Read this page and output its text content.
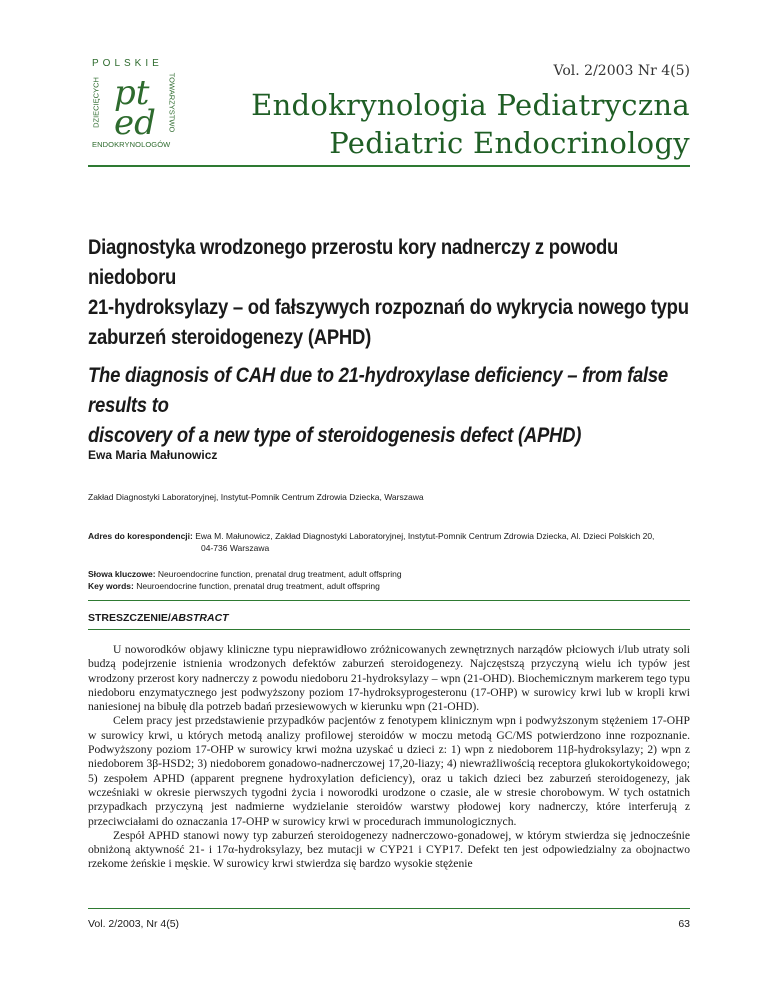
pt
ed
POLSKIE
DZIECIĘCYCH	TOWARZYSTWO
ENDOKRYNOLOGÓW
Vol. 2/2003 Nr 4(5)
Endokrynologia Pediatryczna
Pediatric Endocrinology
Diagnostyka wrodzonego przerostu kory nadnerczy z powodu niedoboru
21-hydroksylazy – od fałszywych rozpoznań do wykrycia nowego typu
zaburzeń steroidogenezy (APHD)
The diagnosis of CAH due to 21-hydroxylase deficiency – from false results to
discovery of a new type of steroidogenesis defect (APHD)
Ewa Maria Małunowicz
Zakład Diagnostyki Laboratoryjnej, Instytut-Pomnik Centrum Zdrowia Dziecka, Warszawa
Adres do korespondencji: Ewa M. Małunowicz, Zakład Diagnostyki Laboratoryjnej, Instytut-Pomnik Centrum Zdrowia Dziecka, Al. Dzieci Polskich 20,
04-736 Warszawa
Słowa kluczowe: Neuroendocrine function, prenatal drug treatment, adult offspring
Key words: Neuroendocrine function, prenatal drug treatment, adult offspring
STRESZCZENIE/ABSTRACT

U noworodków objawy kliniczne typu nieprawidłowo zróżnicowanych zewnętrznych narządów płciowych i/lub utraty soli budzą podejrzenie istnienia wrodzonych defektów zaburzeń steroidogenezy. Najczęstszą przyczyną wielu ich typów jest wrodzony przerost kory nadnerczy z powodu niedoboru 21-hydroksylazy – wpn (21-OHD). Biochemicznym markerem tego typu niedoboru enzymatycznego jest podwyższony poziom 17-hydroksyprogesteronu (17-OHP) w surowicy krwi lub w kropli krwi naniesionej na bibułę dla potrzeb badań przesiewowych w kierunku wpn (21-OHD).

Celem pracy jest przedstawienie przypadków pacjentów z fenotypem klinicznym wpn i podwyższonym stężeniem 17-OHP w surowicy krwi, u których metodą analizy profilowej steroidów w moczu metodą GC/MS potwierdzono inne rozpoznanie. Podwyższony poziom 17-OHP w surowicy krwi można uzyskać u dzieci z: 1) wpn z niedoborem 11β-hydroksylazy; 2) wpn z niedoborem 3β-HSD2; 3) niedoborem gonadowo-nadnerczowej 17,20-liazy; 4) niewrażliwością receptora glukokortykoidowego; 5) zespołem APHD (apparent pregnene hydroxylation deficiency), oraz u takich dzieci bez zaburzeń steroidogenezy, jak wcześniaki w okresie pierwszych tygodni życia i noworodki urodzone o czasie, ale w stresie chorobowym. W tych ostatnich przypadkach przyczyną jest nadmierne wydzielanie steroidów warstwy płodowej kory nadnerczy, które interferują z przeciwciałami do oznaczania 17-OHP w surowicy krwi w procedurach immunologicznych.

Zespół APHD stanowi nowy typ zaburzeń steroidogenezy nadnerczowo-gonadowej, w którym stwierdza się jednocześnie obniżoną aktywność 21- i 17α-hydroksylazy, bez mutacji w CYP21 i CYP17. Defekt ten jest odpowiedzialny za obojnactwo rzekome żeńskie i męskie. W surowicy krwi stwierdza się bardzo wysokie stężenie

Vol. 2/2003, Nr 4(5)	63
